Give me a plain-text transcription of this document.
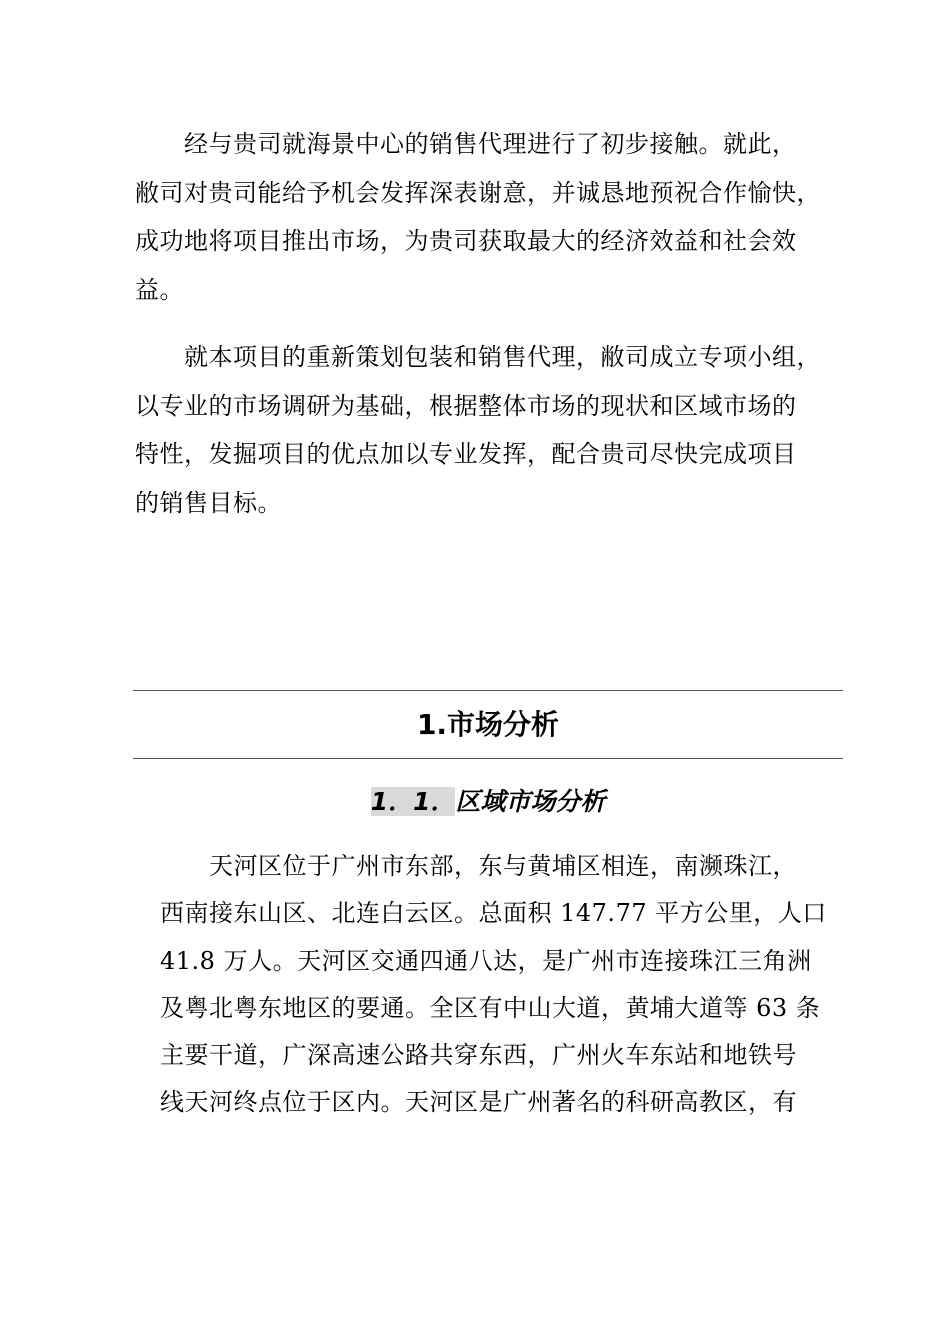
　　经与贵司就海景中心的销售代理进行了初步接触。就此，
敝司对贵司能给予机会发挥深表谢意，并诚恳地预祝合作愉快，
成功地将项目推出市场，为贵司获取最大的经济效益和社会效
益。
　　就本项目的重新策划包装和销售代理，敝司成立专项小组，
以专业的市场调研为基础，根据整体市场的现状和区域市场的
特性，发掘项目的优点加以专业发挥，配合贵司尽快完成项目
的销售目标。
1.市场分析
1．1．区域市场分析
　　天河区位于广州市东部，东与黄埔区相连，南濒珠江，
西南接东山区、北连白云区。总面积 147.77 平方公里，人口
41.8 万人。天河区交通四通八达，是广州市连接珠江三角洲
及粤北粤东地区的要通。全区有中山大道，黄埔大道等 63 条
主要干道，广深高速公路共穿东西，广州火车东站和地铁号
线天河终点位于区内。天河区是广州著名的科研高教区，有
